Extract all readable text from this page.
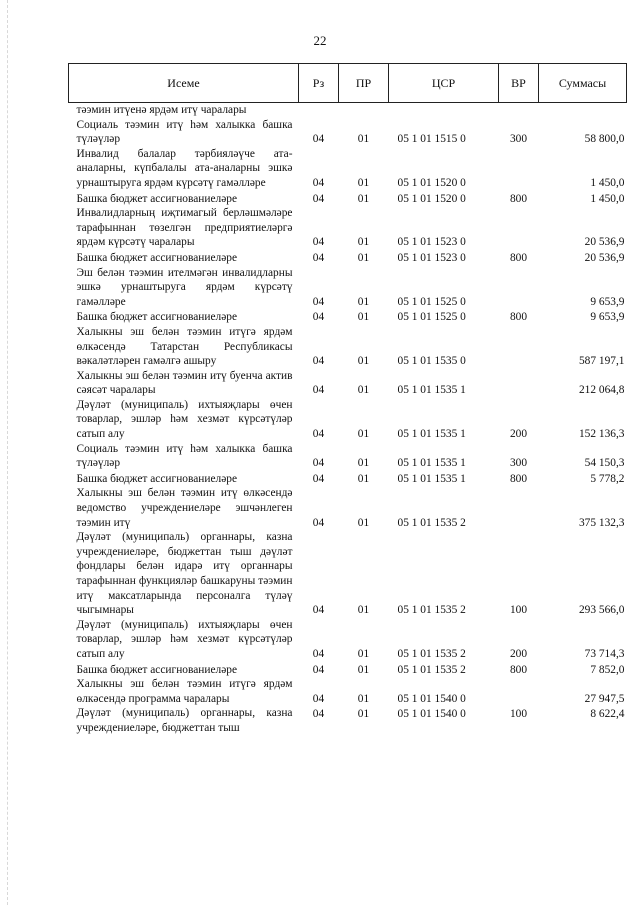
22
Исеме	Рз	ПР	ЦСР	ВР	Суммасы
тәэмин итүенә ярдәм итү чаралары					
Социаль тәэмин итү һәм халыкка башка түләүләр	04	01	05 1 01 1515 0	300	58 800,0
Инвалид балалар тәрбияләүче ата-аналарны, күпбалалы ата-аналарны эшкә урнаштыруга ярдәм күрсәтү гамәлләре	04	01	05 1 01 1520 0		1 450,0
Башка бюджет ассигнованиеләре	04	01	05 1 01 1520 0	800	1 450,0
Инвалидларның иҗтимагый берләшмәләре тарафыннан төзелгән предприятиеләргә ярдәм күрсәтү чаралары	04	01	05 1 01 1523 0		20 536,9
Башка бюджет ассигнованиеләре	04	01	05 1 01 1523 0	800	20 536,9
Эш белән тәэмин ителмәгән инвалидларны эшкә урнаштыруга ярдәм күрсәтү гамәлләре	04	01	05 1 01 1525 0		9 653,9
Башка бюджет ассигнованиеләре	04	01	05 1 01 1525 0	800	9 653,9
Халыкны эш белән тәэмин итүгә ярдәм өлкәсендә Татарстан Республикасы вәкаләтләрен гамәлгә ашыру	04	01	05 1 01 1535 0		587 197,1
Халыкны эш белән тәэмин итү буенча актив сәясәт чаралары	04	01	05 1 01 1535 1		212 064,8
Дәүләт (муниципаль) ихтыяҗлары өчен товарлар, эшләр һәм хезмәт күрсәтүләр сатып алу	04	01	05 1 01 1535 1	200	152 136,3
Социаль тәэмин итү һәм халыкка башка түләүләр	04	01	05 1 01 1535 1	300	54 150,3
Башка бюджет ассигнованиеләре	04	01	05 1 01 1535 1	800	5 778,2
Халыкны эш белән тәэмин итү өлкәсендә ведомство учреждениеләре эшчәнлеген тәэмин итү	04	01	05 1 01 1535 2		375 132,3
Дәүләт (муниципаль) органнары, казна учреждениеләре, бюджеттан тыш дәүләт фондлары белән идарә итү органнары тарафыннан функцияләр башкаруны тәэмин итү максатларында персоналга түләү чыгымнары	04	01	05 1 01 1535 2	100	293 566,0
Дәүләт (муниципаль) ихтыяҗлары өчен товарлар, эшләр һәм хезмәт күрсәтүләр сатып алу	04	01	05 1 01 1535 2	200	73 714,3
Башка бюджет ассигнованиеләре	04	01	05 1 01 1535 2	800	7 852,0
Халыкны эш белән тәэмин итүгә ярдәм өлкәсендә программа чаралары	04	01	05 1 01 1540 0		27 947,5
Дәүләт (муниципаль) органнары, казна учреждениеләре, бюджеттан тыш	04	01	05 1 01 1540 0	100	8 622,4
